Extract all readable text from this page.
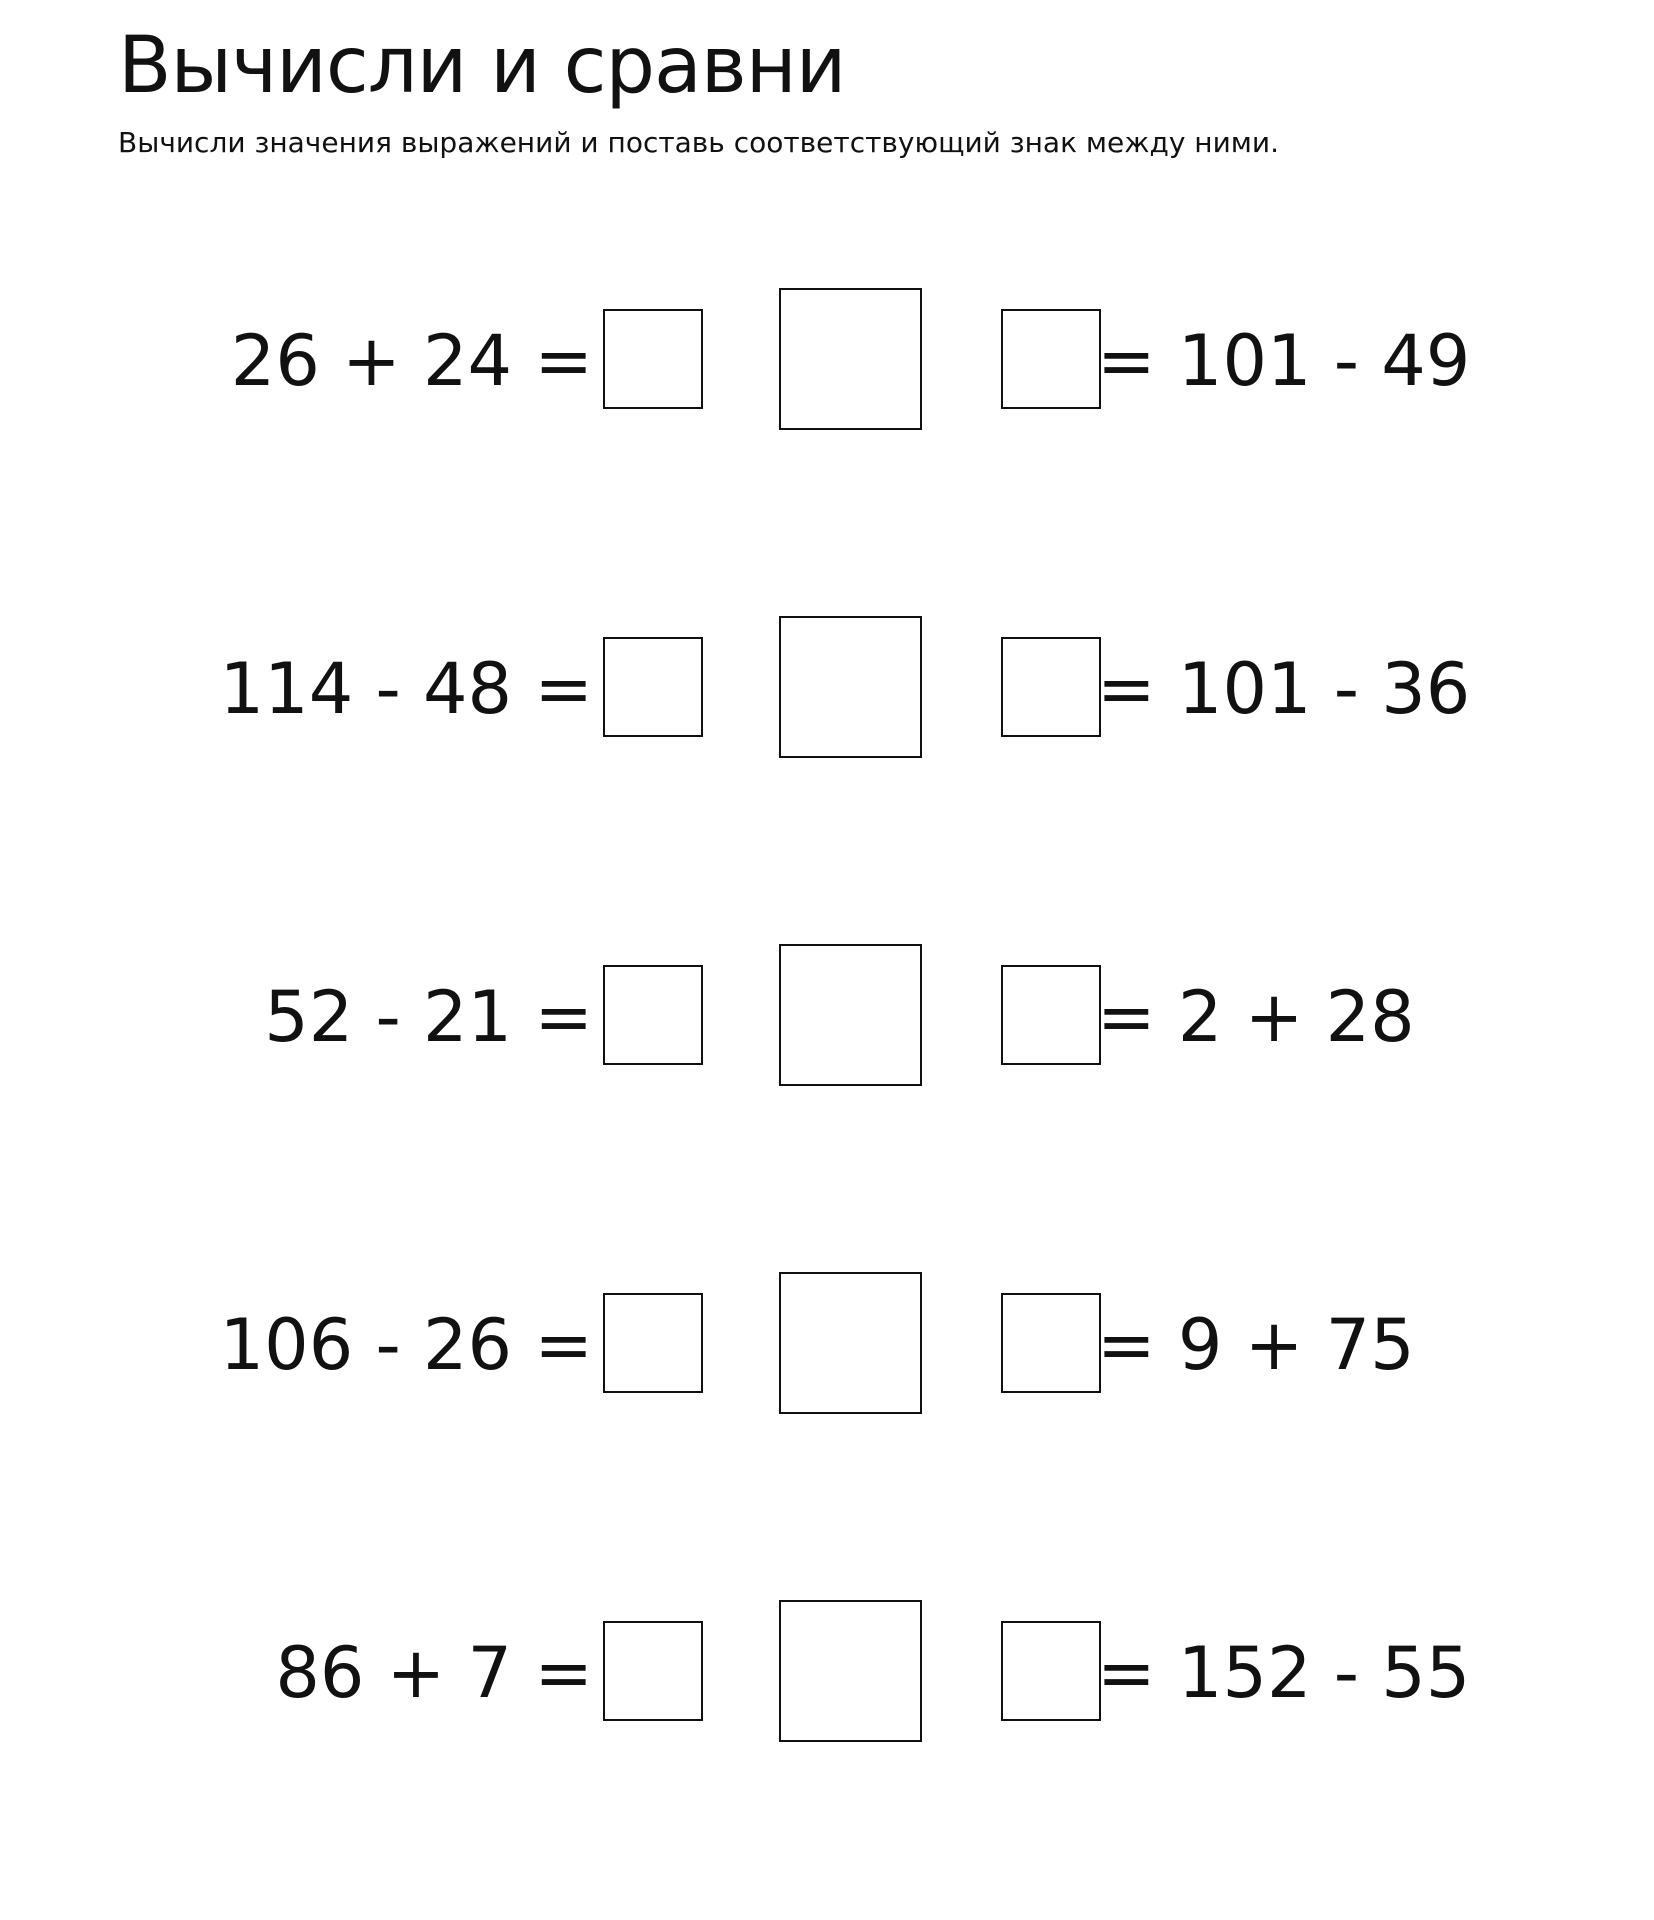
Вычисли и сравни

Вычисли значения выражений и поставь соответствующий знак между ними.

26 + 24 =	= 101 - 49
114 - 48 =	= 101 - 36
52 - 21 =	= 2 + 28
106 - 26 =	= 9 + 75
86 + 7 =	= 152 - 55
